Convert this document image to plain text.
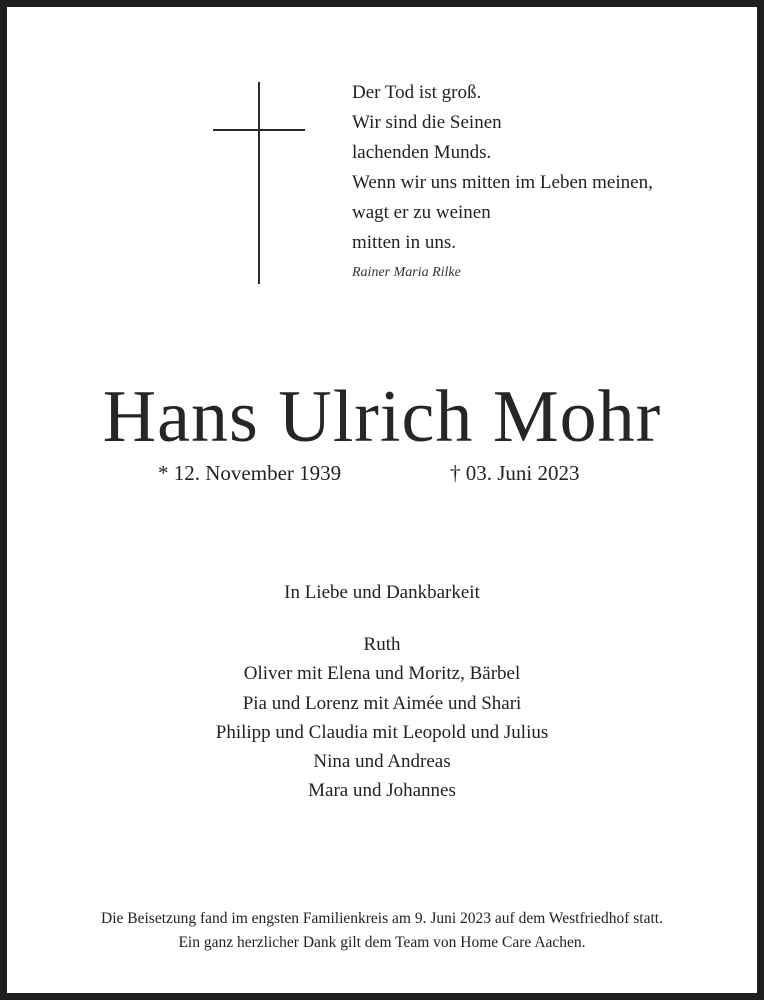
Der Tod ist groß.
Wir sind die Seinen
lachenden Munds.
Wenn wir uns mitten im Leben meinen,
wagt er zu weinen
mitten in uns.
Rainer Maria Rilke
Hans Ulrich Mohr
* 12. November 1939	† 03. Juni 2023
In Liebe und Dankbarkeit
Ruth
Oliver mit Elena und Moritz, Bärbel
Pia und Lorenz mit Aimée und Shari
Philipp und Claudia mit Leopold und Julius
Nina und Andreas
Mara und Johannes
Die Beisetzung fand im engsten Familienkreis am 9. Juni 2023 auf dem Westfriedhof statt.
Ein ganz herzlicher Dank gilt dem Team von Home Care Aachen.
